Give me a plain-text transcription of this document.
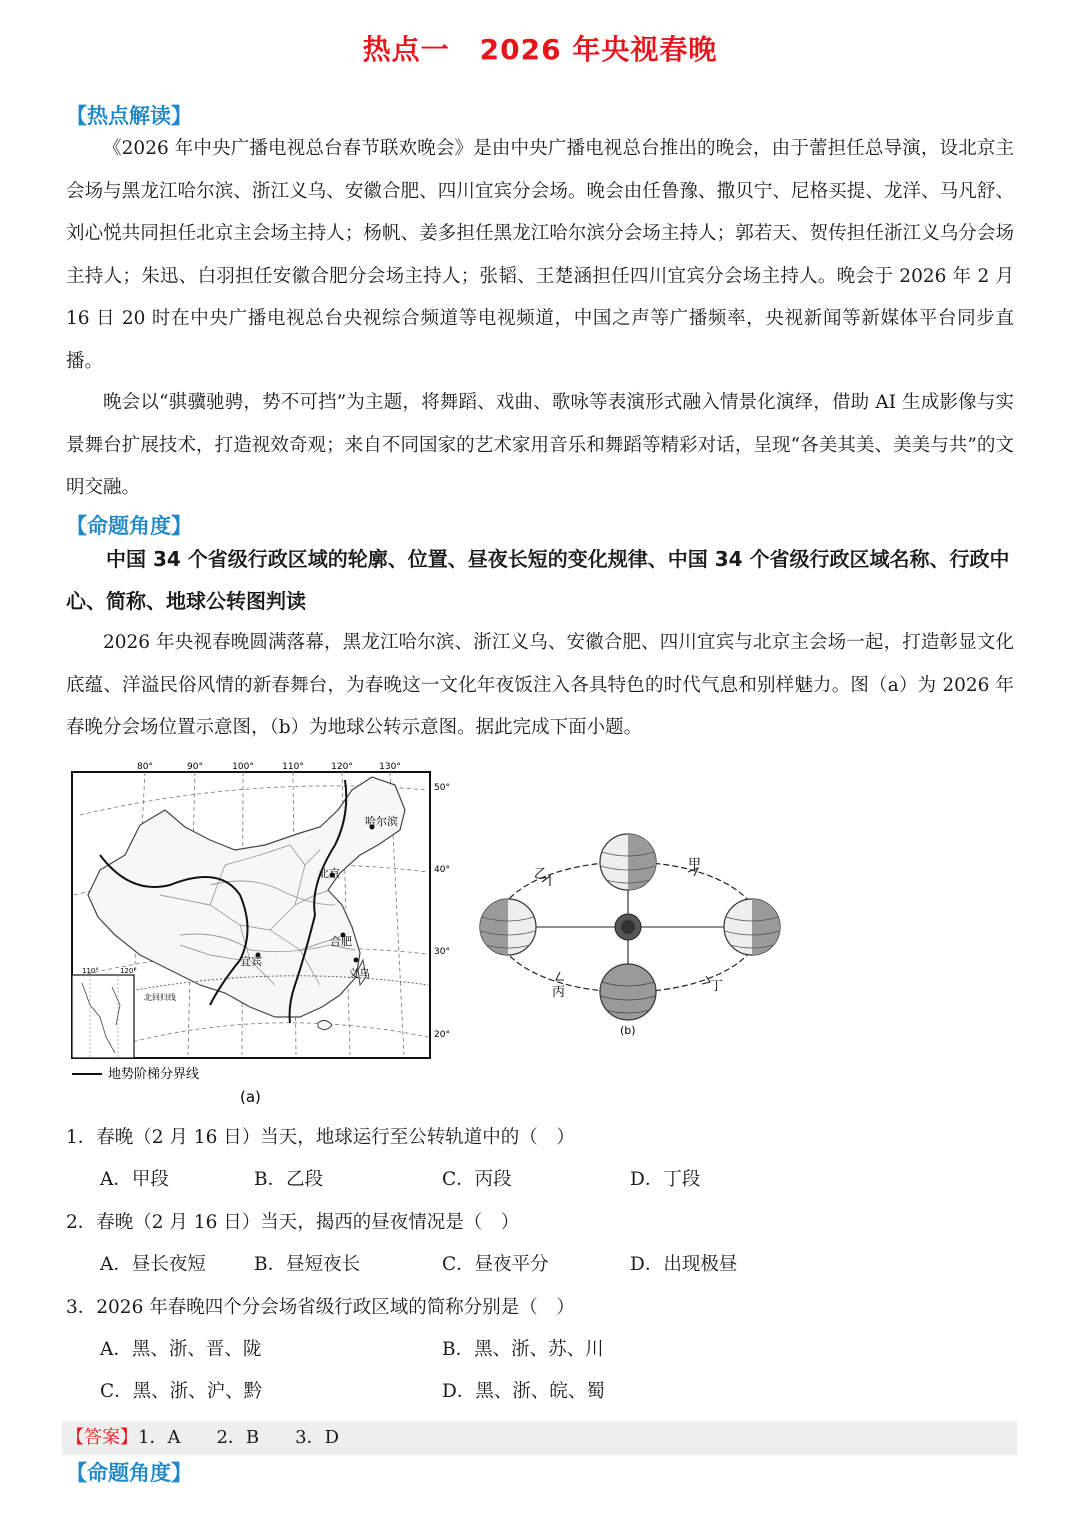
热点一 2026 年央视春晚
【热点解读】
《2026 年中央广播电视总台春节联欢晚会》是由中央广播电视总台推出的晚会，由于蕾担任总导演，设北京主会场与黑龙江哈尔滨、浙江义乌、安徽合肥、四川宜宾分会场。晚会由任鲁豫、撒贝宁、尼格买提、龙洋、马凡舒、刘心悦共同担任北京主会场主持人；杨帆、姜多担任黑龙江哈尔滨分会场主持人；郭若天、贺传担任浙江义乌分会场主持人；朱迅、白羽担任安徽合肥分会场主持人；张韬、王楚涵担任四川宜宾分会场主持人。晚会于 2026 年 2 月 16 日 20 时在中央广播电视总台央视综合频道等电视频道，中国之声等广播频率，央视新闻等新媒体平台同步直播。
晚会以“骐骥驰骋，势不可挡”为主题，将舞蹈、戏曲、歌咏等表演形式融入情景化演绎，借助 AI 生成影像与实景舞台扩展技术，打造视效奇观；来自不同国家的艺术家用音乐和舞蹈等精彩对话，呈现“各美其美、美美与共”的文明交融。
【命题角度】
中国 34 个省级行政区域的轮廓、位置、昼夜长短的变化规律、中国 34 个省级行政区域名称、行政中心、简称、地球公转图判读
2026 年央视春晚圆满落幕，黑龙江哈尔滨、浙江义乌、安徽合肥、四川宜宾与北京主会场一起，打造彰显文化底蕴、洋溢民俗风情的新春舞台，为春晚这一文化年夜饭注入各具特色的时代气息和别样魅力。图（a）为 2026 年春晚分会场位置示意图，（b）为地球公转示意图。据此完成下面小题。
80°	90°	100°	110°	120°	130°
50°
40°
30°
20°
北回归线
哈尔滨
北京
合肥
宜宾
义乌
110°	120°
地势阶梯分界线
(a)
甲
乙
丙	丁
(b)
1．春晚（2 月 16 日）当天，地球运行至公转轨道中的（　）
A．甲段	B．乙段	C．丙段	D．丁段
2．春晚（2 月 16 日）当天，揭西的昼夜情况是（　）
A．昼长夜短	B．昼短夜长	C．昼夜平分	D．出现极昼
3．2026 年春晚四个分会场省级行政区域的简称分别是（　）
A．黑、浙、晋、陇	B．黑、浙、苏、川
C．黑、浙、沪、黔	D．黑、浙、皖、蜀
【答案】1．A　　2．B　　3．D
【命题角度】
